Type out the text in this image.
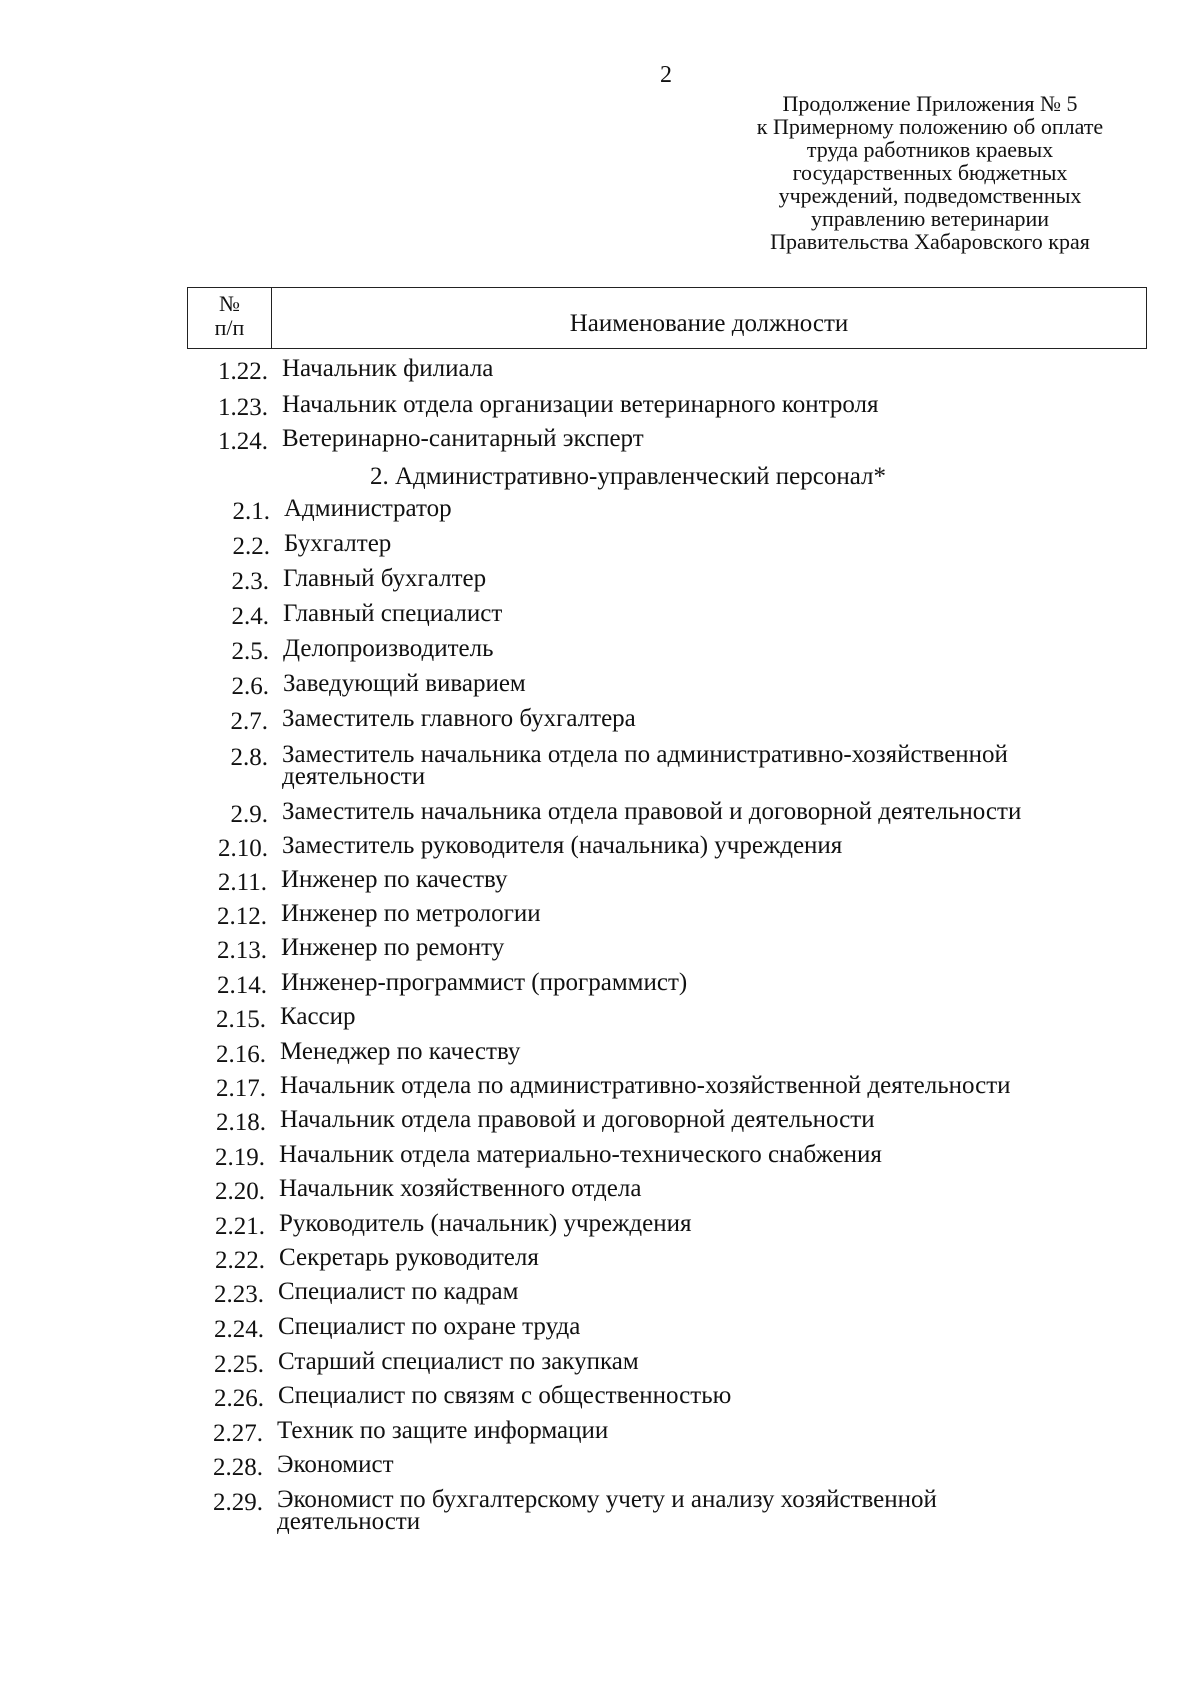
2
Продолжение Приложения № 5
к Примерному положению об оплате
труда работников краевых
государственных бюджетных
учреждений, подведомственных
управлению ветеринарии
Правительства Хабаровского края
№
п/п	Наименование должности
1.22. Начальник филиала
1.23. Начальник отдела организации ветеринарного контроля
1.24. Ветеринарно-санитарный эксперт
2. Административно-управленческий персонал*
2.1. Администратор
2.2. Бухгалтер
2.3. Главный бухгалтер
2.4. Главный специалист
2.5. Делопроизводитель
2.6. Заведующий виварием
2.7. Заместитель главного бухгалтера
2.8. Заместитель начальника отдела по административно-хозяйственной
деятельности
2.9. Заместитель начальника отдела правовой и договорной деятельности
2.10. Заместитель руководителя (начальника) учреждения
2.11. Инженер по качеству
2.12. Инженер по метрологии
2.13. Инженер по ремонту
2.14. Инженер-программист (программист)
2.15. Кассир
2.16. Менеджер по качеству
2.17. Начальник отдела по административно-хозяйственной деятельности
2.18. Начальник отдела правовой и договорной деятельности
2.19. Начальник отдела материально-технического снабжения
2.20. Начальник хозяйственного отдела
2.21. Руководитель (начальник) учреждения
2.22. Секретарь руководителя
2.23. Специалист по кадрам
2.24. Специалист по охране труда
2.25. Старший специалист по закупкам
2.26. Специалист по связям с общественностью
2.27. Техник по защите информации
2.28. Экономист
2.29. Экономист по бухгалтерскому учету и анализу хозяйственной
деятельности
